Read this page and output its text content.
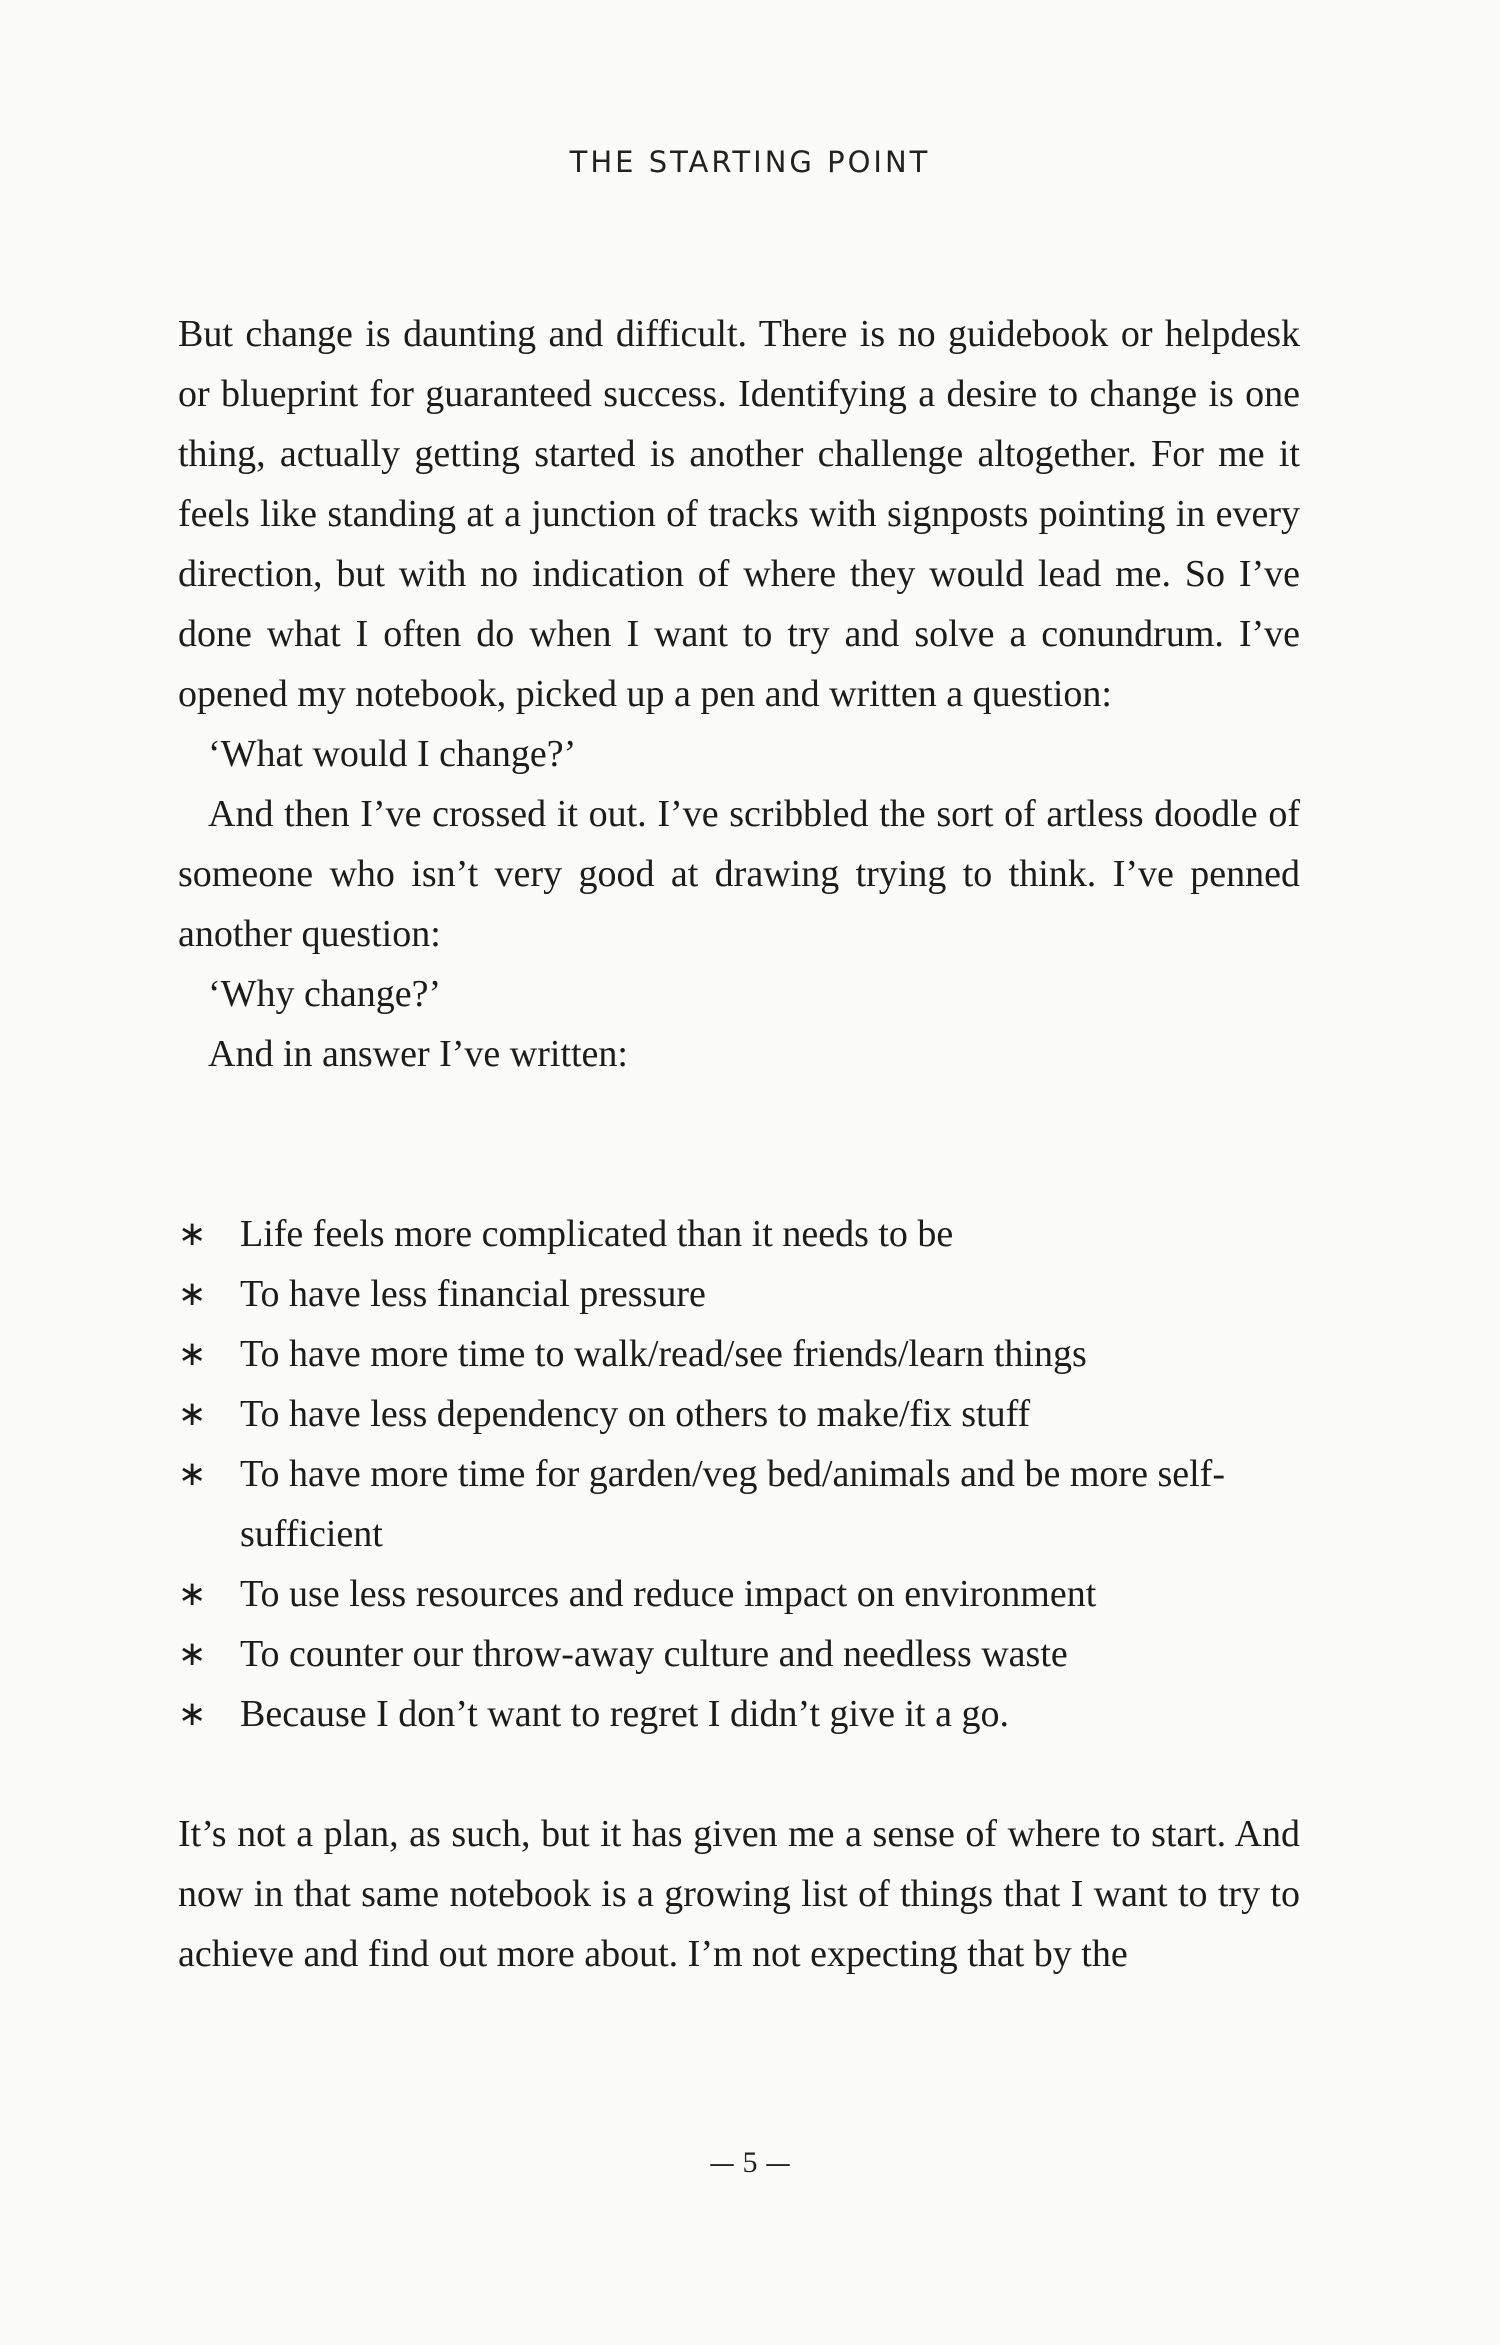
THE STARTING POINT

But change is daunting and difficult. There is no guidebook or helpdesk or blueprint for guaranteed success. Identifying a desire to change is one thing, actually getting started is another challenge altogether. For me it feels like standing at a junction of tracks with signposts pointing in every direction, but with no indication of where they would lead me. So I’ve done what I often do when I want to try and solve a conundrum. I’ve opened my notebook, picked up a pen and written a question:

‘What would I change?’

And then I’ve crossed it out. I’ve scribbled the sort of artless doodle of someone who isn’t very good at drawing trying to think. I’ve penned another question:

‘Why change?’

And in answer I’ve written:

∗ Life feels more complicated than it needs to be
∗ To have less financial pressure
∗ To have more time to walk/read/see friends/learn things
∗ To have less dependency on others to make/fix stuff
∗ To have more time for garden/veg bed/animals and be more self-sufficient
∗ To use less resources and reduce impact on environment
∗ To counter our throw-away culture and needless waste
∗ Because I don’t want to regret I didn’t give it a go.

It’s not a plan, as such, but it has given me a sense of where to start. And now in that same notebook is a growing list of things that I want to try to achieve and find out more about. I’m not expecting that by the

— 5 —
